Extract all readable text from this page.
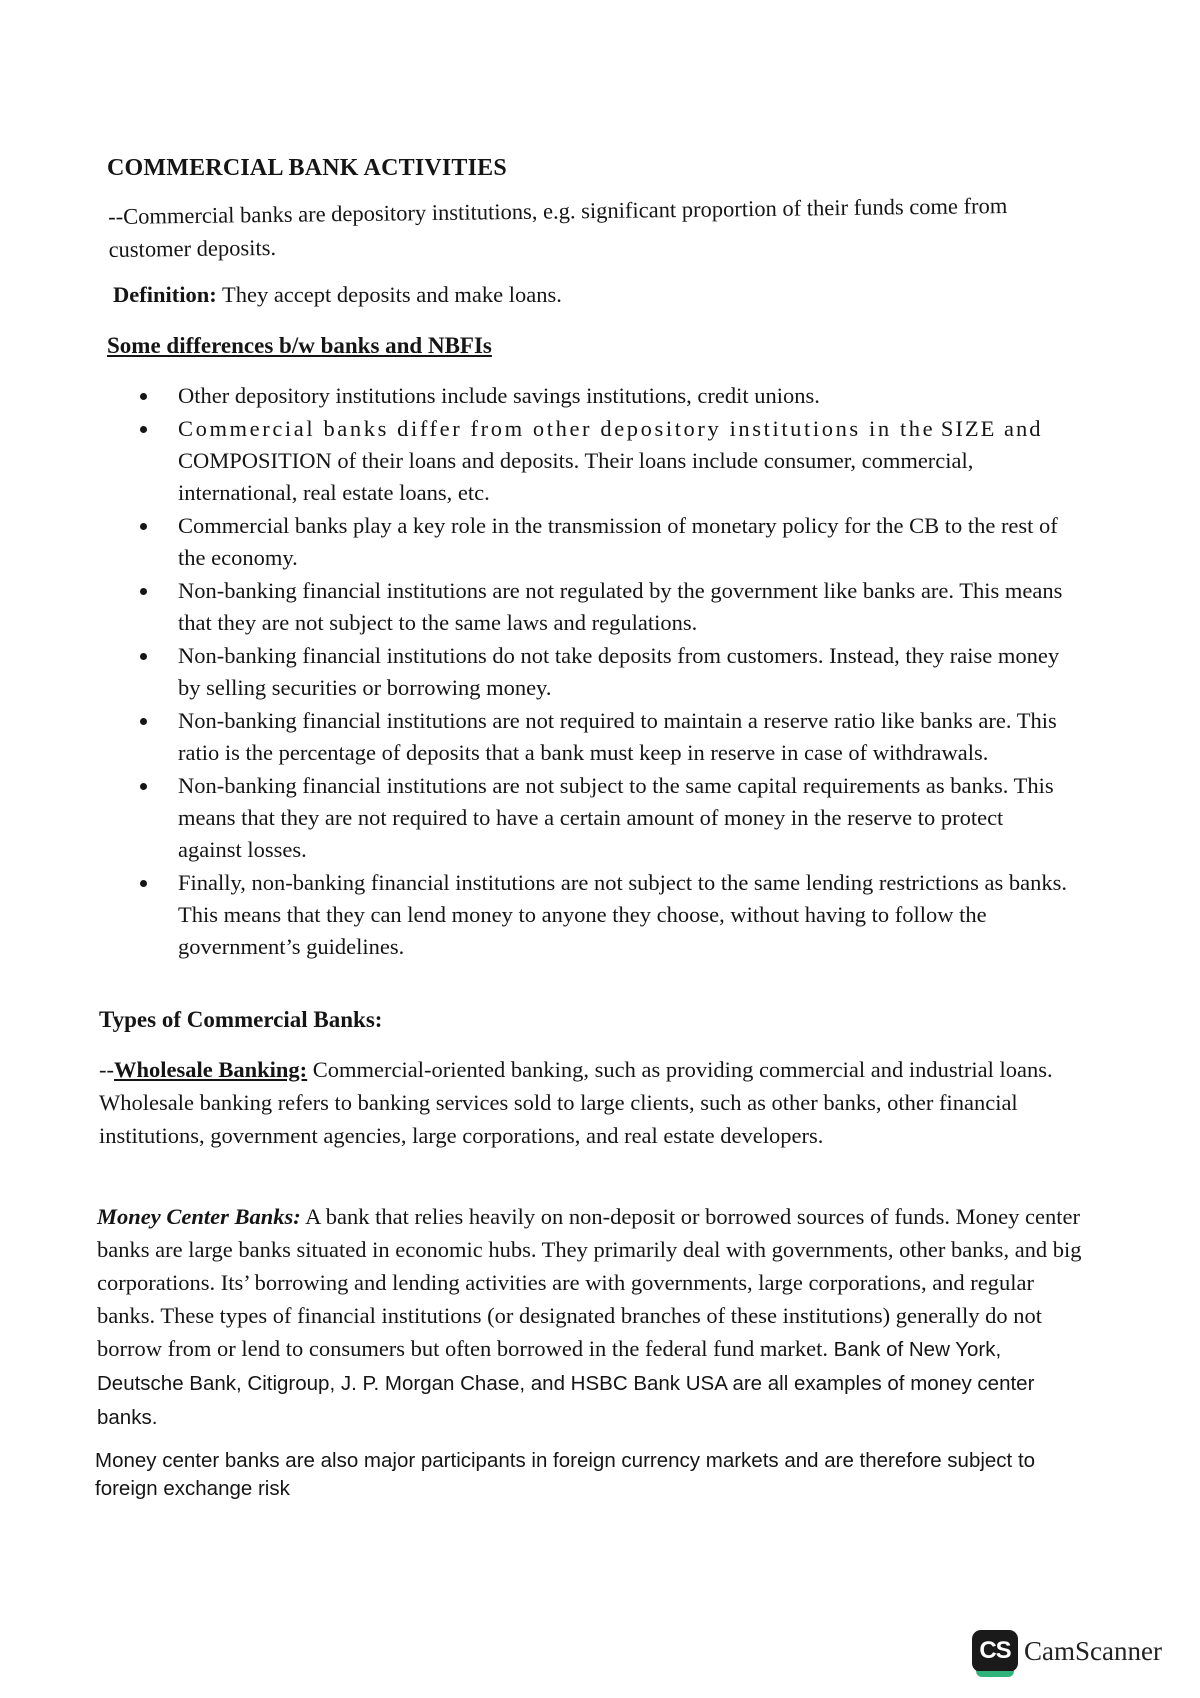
COMMERCIAL BANK ACTIVITIES

--Commercial banks are depository institutions, e.g. significant proportion of their funds come from customer deposits.

Definition: They accept deposits and make loans.

Some differences b/w banks and NBFIs
Other depository institutions include savings institutions, credit unions.
Commercial banks differ from other depository institutions in the SIZE and COMPOSITION of their loans and deposits. Their loans include consumer, commercial, international, real estate loans, etc.
Commercial banks play a key role in the transmission of monetary policy for the CB to the rest of the economy.
Non-banking financial institutions are not regulated by the government like banks are. This means that they are not subject to the same laws and regulations.
Non-banking financial institutions do not take deposits from customers. Instead, they raise money by selling securities or borrowing money.
Non-banking financial institutions are not required to maintain a reserve ratio like banks are. This ratio is the percentage of deposits that a bank must keep in reserve in case of withdrawals.
Non-banking financial institutions are not subject to the same capital requirements as banks. This means that they are not required to have a certain amount of money in the reserve to protect against losses.
Finally, non-banking financial institutions are not subject to the same lending restrictions as banks. This means that they can lend money to anyone they choose, without having to follow the government’s guidelines.
Types of Commercial Banks:

--Wholesale Banking: Commercial-oriented banking, such as providing commercial and industrial loans. Wholesale banking refers to banking services sold to large clients, such as other banks, other financial institutions, government agencies, large corporations, and real estate developers.

Money Center Banks: A bank that relies heavily on non-deposit or borrowed sources of funds. Money center banks are large banks situated in economic hubs. They primarily deal with governments, other banks, and big corporations. Its’ borrowing and lending activities are with governments, large corporations, and regular banks. These types of financial institutions (or designated branches of these institutions) generally do not borrow from or lend to consumers but often borrowed in the federal fund market. Bank of New York, Deutsche Bank, Citigroup, J. P. Morgan Chase, and HSBC Bank USA are all examples of money center banks.

Money center banks are also major participants in foreign currency markets and are therefore subject to foreign exchange risk

CS CamScanner
